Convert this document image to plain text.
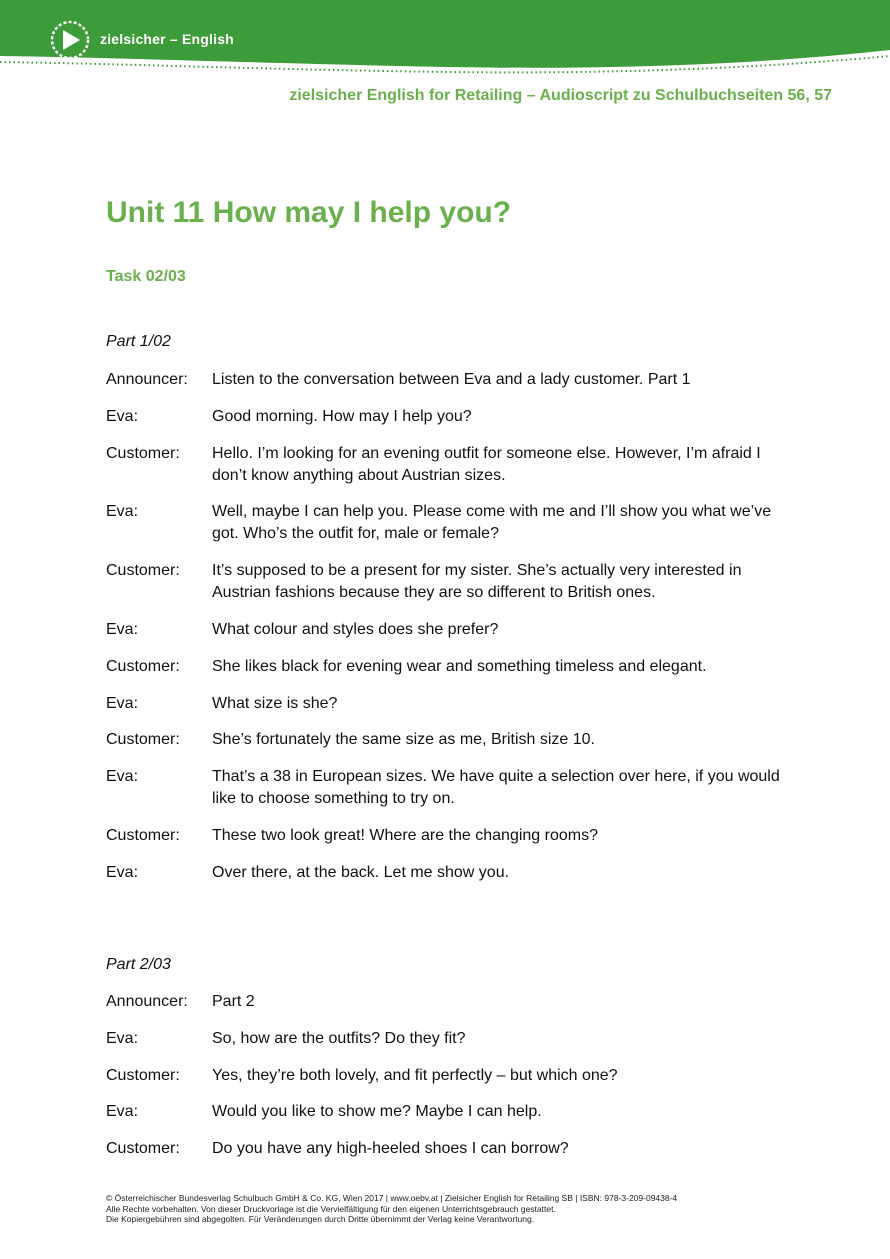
zielsicher – English
zielsicher English for Retailing – Audioscript zu Schulbuchseiten 56, 57
Unit 11 How may I help you?
Task 02/03
Part 1/02
Announcer:	Listen to the conversation between Eva and a lady customer. Part 1
Eva:	Good morning. How may I help you?
Customer:	Hello. I’m looking for an evening outfit for someone else. However, I’m afraid I don’t know anything about Austrian sizes.
Eva:	Well, maybe I can help you. Please come with me and I’ll show you what we’ve got. Who’s the outfit for, male or female?
Customer:	It’s supposed to be a present for my sister. She’s actually very interested in Austrian fashions because they are so different to British ones.
Eva:	What colour and styles does she prefer?
Customer:	She likes black for evening wear and something timeless and elegant.
Eva:	What size is she?
Customer:	She’s fortunately the same size as me, British size 10.
Eva:	That’s a 38 in European sizes. We have quite a selection over here, if you would like to choose something to try on.
Customer:	These two look great! Where are the changing rooms?
Eva:	Over there, at the back. Let me show you.
Part 2/03
Announcer:	Part 2
Eva:	So, how are the outfits? Do they fit?
Customer:	Yes, they’re both lovely, and fit perfectly – but which one?
Eva:	Would you like to show me? Maybe I can help.
Customer:	Do you have any high-heeled shoes I can borrow?
© Österreichischer Bundesverlag Schulbuch GmbH & Co. KG, Wien 2017 | www.oebv.at | Zielsicher English for Retailing SB | ISBN: 978-3-209-09438-4
Alle Rechte vorbehalten. Von dieser Druckvorlage ist die Vervielfältigung für den eigenen Unterrichtsgebrauch gestattet.
Die Kopiergebühren sind abgegolten. Für Veränderungen durch Dritte übernimmt der Verlag keine Verantwortung.
